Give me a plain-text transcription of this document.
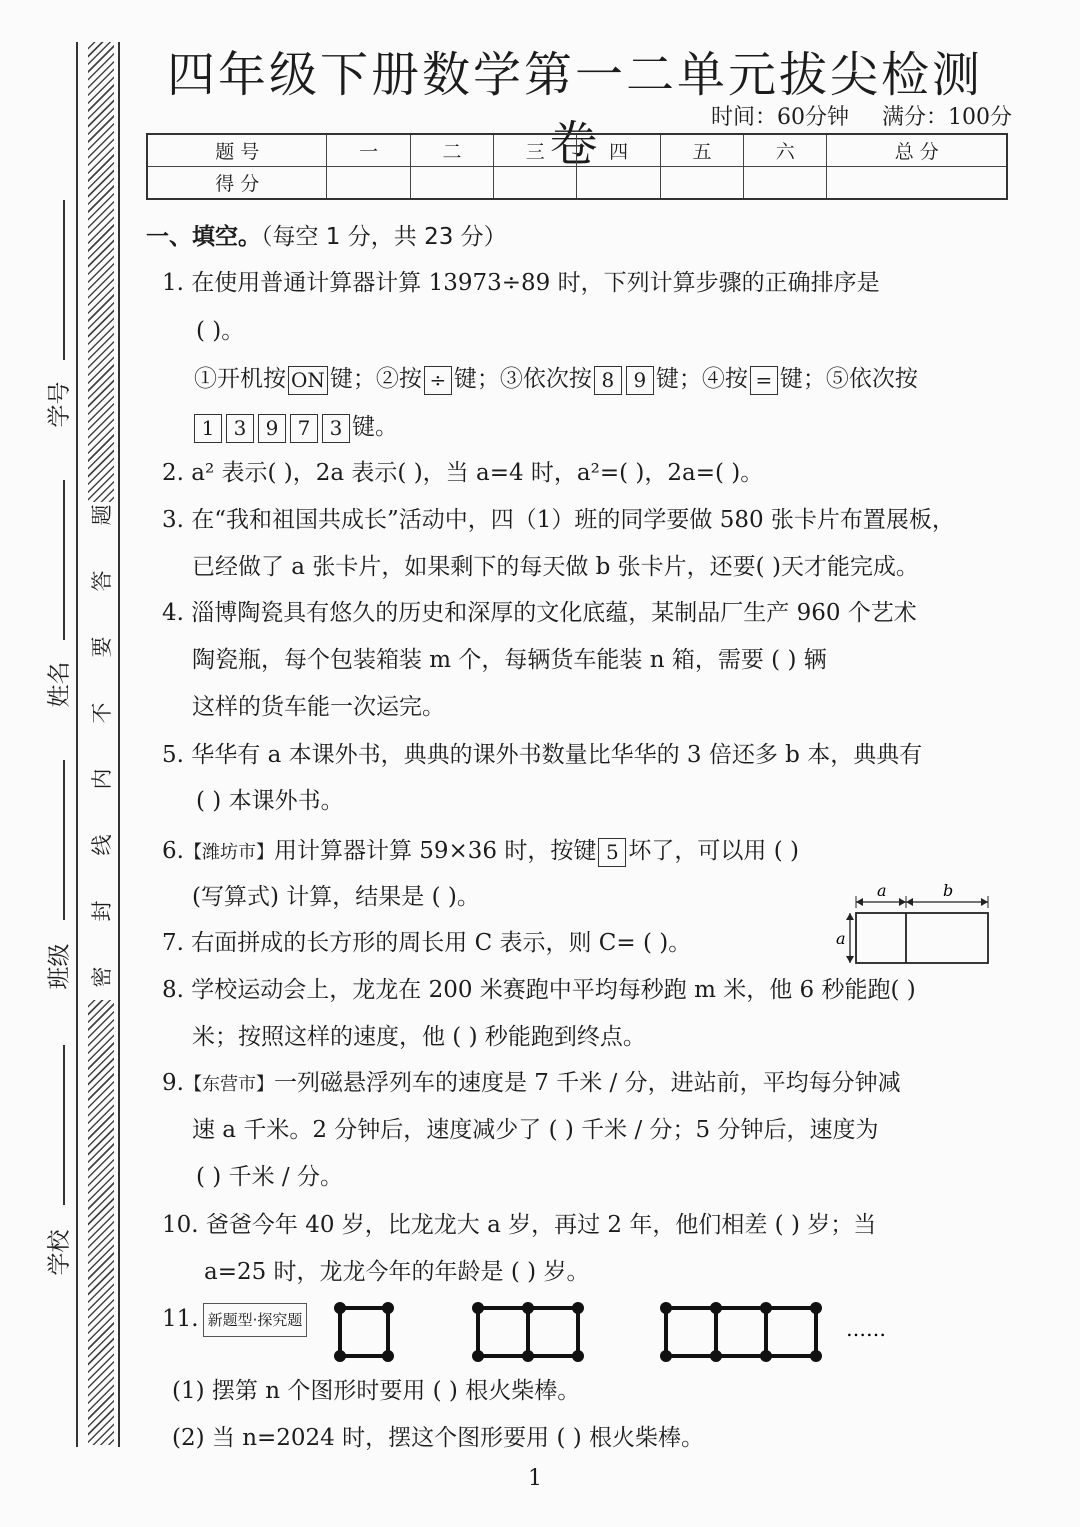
学号
姓名
班级
学校
题
答
要
不
内
线
封
密
四年级下册数学第一二单元拔尖检测卷	时间：60分钟 满分：100分
题 号	一	二	三	四	五	六	总 分
得 分							
一、填空。（每空 1 分，共 23 分）
1. 在使用普通计算器计算 13973÷89 时，下列计算步骤的正确排序是
( )。
①开机按 ON 键；②按 ÷ 键；③依次按 8 9 键；④按 = 键；⑤依次按
1 3 9 7 3 键。
2. a² 表示( )，2a 表示( )，当 a=4 时，a²=( )，2a=( )。
3. 在“我和祖国共成长”活动中，四（1）班的同学要做 580 张卡片布置展板，
已经做了 a 张卡片，如果剩下的每天做 b 张卡片，还要( )天才能完成。
4. 淄博陶瓷具有悠久的历史和深厚的文化底蕴，某制品厂生产 960 个艺术
陶瓷瓶，每个包装箱装 m 个，每辆货车能装 n 箱，需要 ( ) 辆
这样的货车能一次运完。
5. 华华有 a 本课外书，典典的课外书数量比华华的 3 倍还多 b 本，典典有
( ) 本课外书。
6.【潍坊市】用计算器计算 59×36 时，按键 5 坏了，可以用 ( )
(写算式) 计算，结果是 ( )。
7. 右面拼成的长方形的周长用 C 表示，则 C= ( )。
a	b
a
8. 学校运动会上，龙龙在 200 米赛跑中平均每秒跑 m 米，他 6 秒能跑( )
米；按照这样的速度，他 ( ) 秒能跑到终点。
9.【东营市】一列磁悬浮列车的速度是 7 千米 / 分，进站前，平均每分钟减
速 a 千米。2 分钟后，速度减少了 ( ) 千米 / 分；5 分钟后，速度为
( ) 千米 / 分。
10. 爸爸今年 40 岁，比龙龙大 a 岁，再过 2 年，他们相差 ( ) 岁；当
a=25 时，龙龙今年的年龄是 ( ) 岁。
11. 新题型·探究题	……
(1) 摆第 n 个图形时要用 ( ) 根火柴棒。
(2) 当 n=2024 时，摆这个图形要用 ( ) 根火柴棒。
1
